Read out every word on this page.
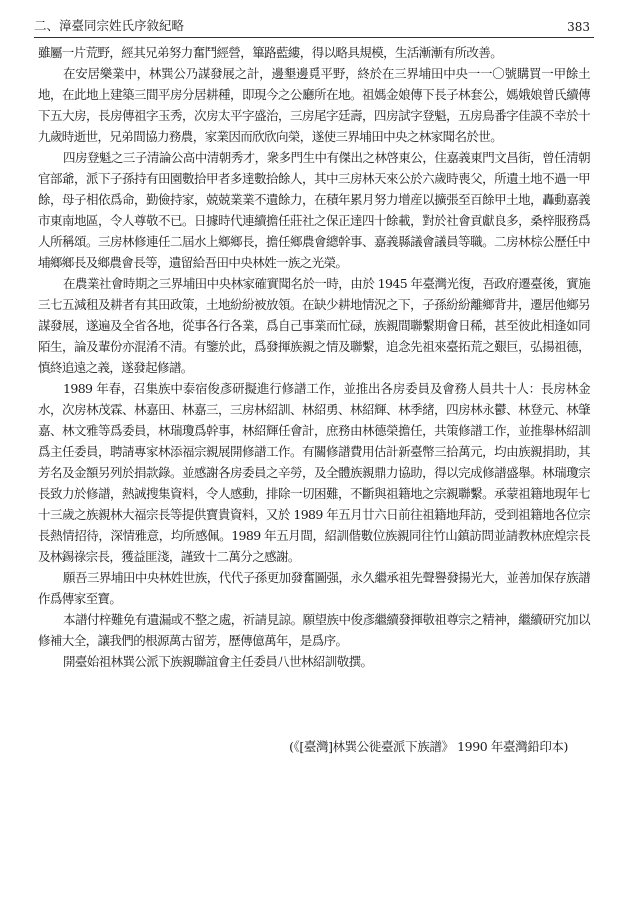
二、漳臺同宗姓氏序敘紀略	383

雖屬一片荒野，經其兄弟努力奮鬥經營，篳路藍縷，得以略具規模，生活漸漸有所改善。

在安居樂業中，林巽公乃謀發展之計，邊墾邊覓平野，終於在三界埔田中央一一〇號購買一甲餘土地，在此地上建築三間平房分居耕種，即現今之公廳所在地。祖媽金娘傳下長子林套公，媽娥娘曾氏續傳下五大房，長房傳祖字玉秀，次房太平字盛治，三房尾字廷壽，四房試字登魁，五房鳥番字佳謨不幸於十九歲時逝世，兄弟間協力務農，家業因而欣欣向榮，遂使三界埔田中央之林家聞名於世。

四房登魁之三子清論公高中清朝秀才，衆多門生中有傑出之林啓東公，住嘉義東門文昌街，曾任清朝官部爺，派下子孫持有田園數拾甲者多達數拾餘人，其中三房林天來公於六歲時喪父，所遺土地不過一甲餘，母子相依爲命，勤儉持家，兢兢業業不遺餘力，在積年累月努力增産以擴張至百餘甲土地，轟動嘉義市東南地區，令人尊敬不已。日據時代連續擔任莊社之保正達四十餘載，對於社會貢獻良多，桑梓服務爲人所稱頌。三房林修連任二屆水上鄉鄉長，擔任鄉農會總幹事、嘉義縣議會議員等職。二房林棕公歷任中埔鄉鄉長及鄉農會長等，遺留給吾田中央林姓一族之光榮。

在農業社會時期之三界埔田中央林家確實聞名於一時，由於 1945 年臺灣光復，吾政府遷臺後，實施三七五減租及耕者有其田政策，土地紛紛被放領。在缺少耕地情況之下，子孫紛紛離鄉背井，遷居他鄉另謀發展，遂遍及全省各地，從事各行各業，爲自己事業而忙碌，族親間聯繫期會日稀，甚至彼此相逢如同陌生，論及輩份亦混淆不清。有鑒於此，爲發揮族親之情及聯繫，追念先祖來臺拓荒之艱巨，弘揚祖德，慎終追遠之義，遂發起修譜。

1989 年春，召集族中泰宿俊彥研擬進行修譜工作，並推出各房委員及會務人員共十人：長房林金水，次房林茂霖、林嘉田、林嘉三，三房林紹訓、林紹勇、林紹輝、林季緒，四房林永鬱、林登元、林肇嘉、林文雅等爲委員，林瑞瓊爲幹事，林紹輝任會計，庶務由林德榮擔任，共策修譜工作，並推舉林紹訓爲主任委員，聘請專家林添福宗親展開修譜工作。有關修譜費用估計新臺幣三拾萬元，均由族親捐助，其芳名及金額另列於捐款錄。並感謝各房委員之辛勞，及全體族親鼎力協助，得以完成修譜盛舉。林瑞瓊宗長致力於修譜，熱誠搜集資料，令人感動，排除一切困難，不斷與祖籍地之宗親聯繫。承蒙祖籍地現年七十三歲之族親林大福宗長等提供寶貴資料，又於 1989 年五月廿六日前往祖籍地拜訪，受到祖籍地各位宗長熱情招待，深情雅意，均所感佩。1989 年五月間，紹訓偕數位族親同往竹山鎮訪問並請教林庶煌宗長及林錫祿宗長，獲益匪淺，謹致十二萬分之感謝。

願吾三界埔田中央林姓世族，代代子孫更加發奮圖强，永久繼承祖先聲譽發揚光大，並善加保存族譜作爲傳家至寶。

本譜付梓難免有遺漏或不整之處，祈請見諒。願望族中俊彥繼續發揮敬祖尊宗之精神，繼續研究加以修補大全，讓我們的根源萬古留芳，歷傳億萬年，是爲序。

開臺始祖林巽公派下族親聯誼會主任委員八世林紹訓敬撰。

(《[臺灣]林巽公徙臺派下族譜》 1990 年臺灣鉛印本)
